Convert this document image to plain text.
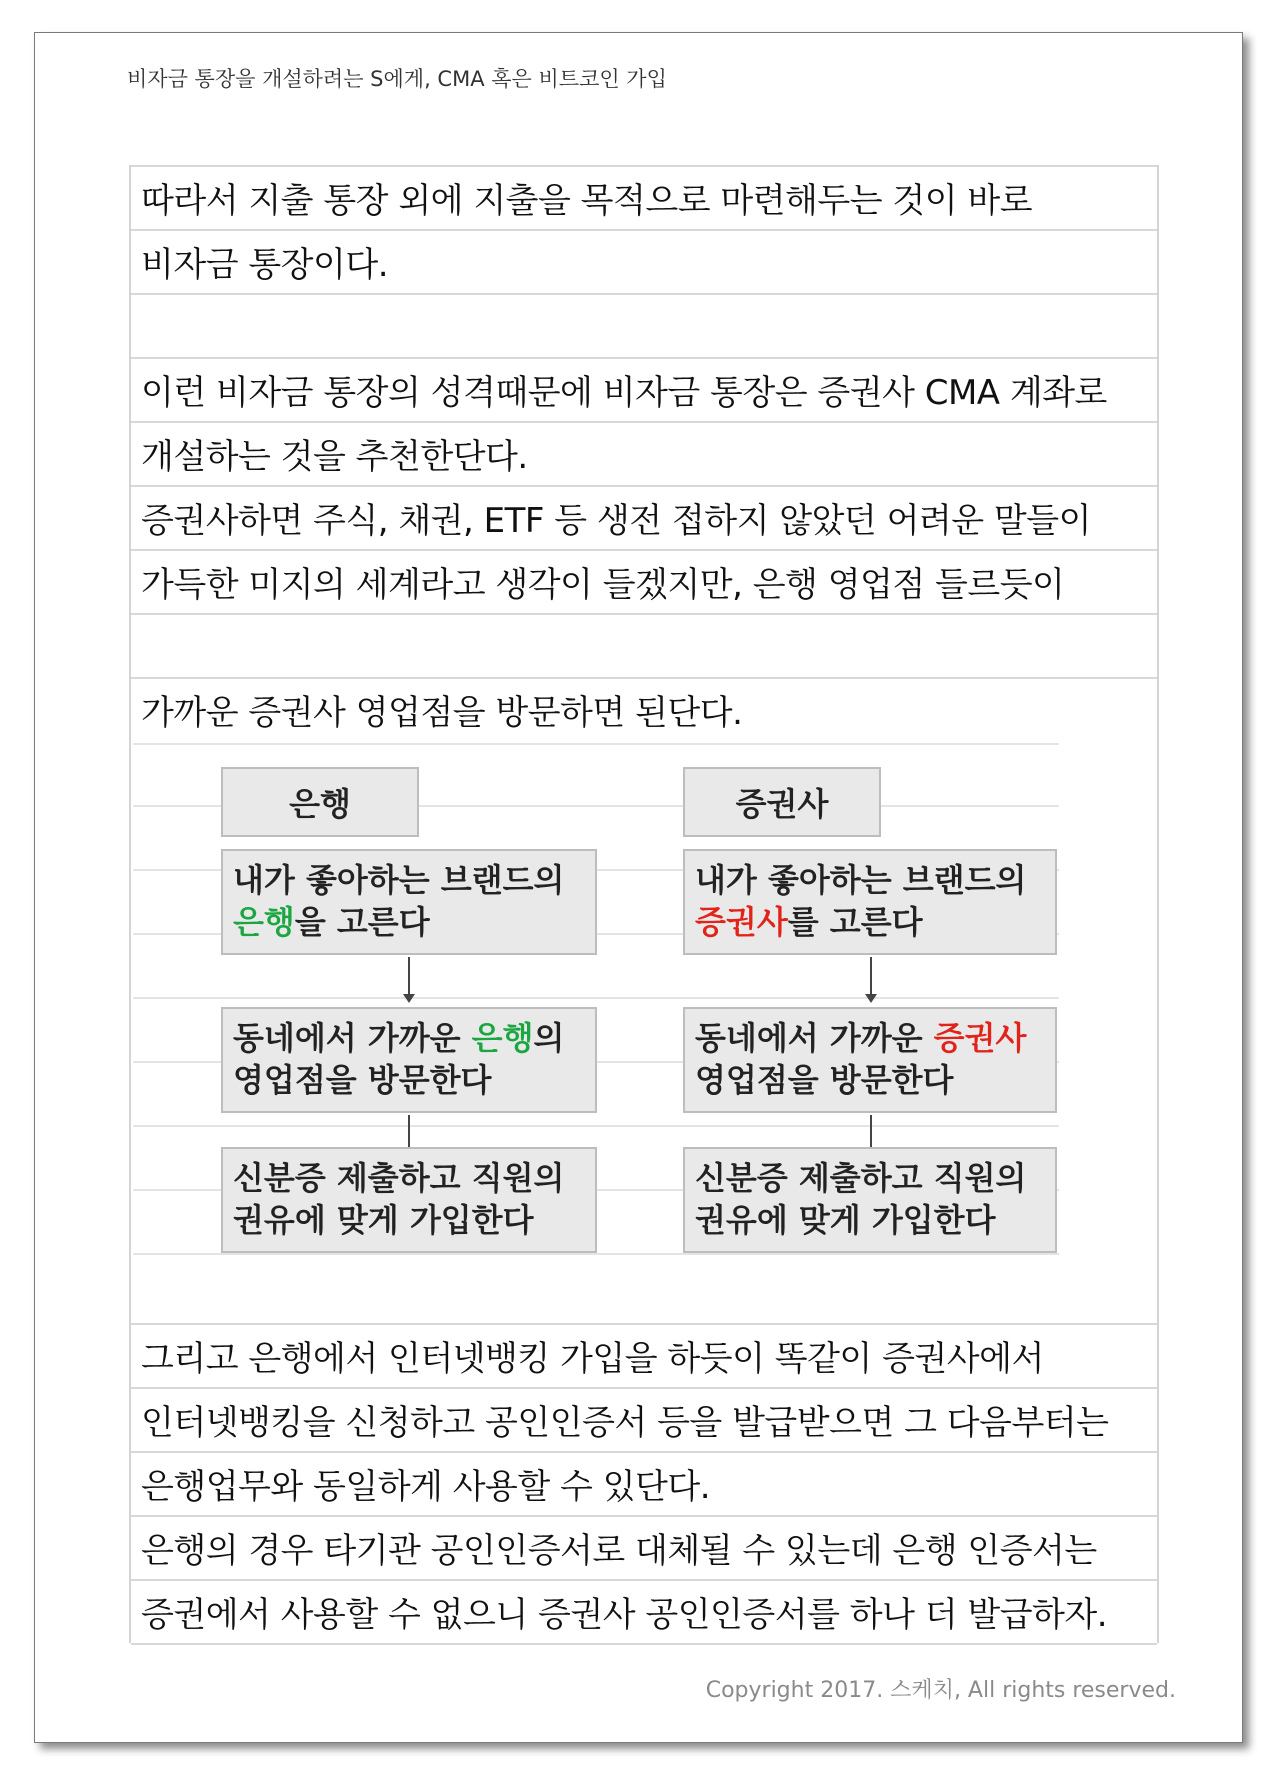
비자금 통장을 개설하려는 S에게, CMA 혹은 비트코인 가입
따라서 지출 통장 외에 지출을 목적으로 마련해두는 것이 바로
비자금 통장이다.
이런 비자금 통장의 성격때문에 비자금 통장은 증권사 CMA 계좌로
개설하는 것을 추천한단다.
증권사하면 주식, 채권, ETF 등 생전 접하지 않았던 어려운 말들이
가득한 미지의 세계라고 생각이 들겠지만, 은행 영업점 들르듯이
가까운 증권사 영업점을 방문하면 된단다.
은행
내가 좋아하는 브랜드의
은행을 고른다
동네에서 가까운 은행의
영업점을 방문한다
신분증 제출하고 직원의
권유에 맞게 가입한다
증권사
내가 좋아하는 브랜드의
증권사를 고른다
동네에서 가까운 증권사
영업점을 방문한다
신분증 제출하고 직원의
권유에 맞게 가입한다
그리고 은행에서 인터넷뱅킹 가입을 하듯이 똑같이 증권사에서
인터넷뱅킹을 신청하고 공인인증서 등을 발급받으면 그 다음부터는
은행업무와 동일하게 사용할 수 있단다.
은행의 경우 타기관 공인인증서로 대체될 수 있는데 은행 인증서는
증권에서 사용할 수 없으니 증권사 공인인증서를 하나 더 발급하자.
Copyright 2017. 스케치, All rights reserved.
